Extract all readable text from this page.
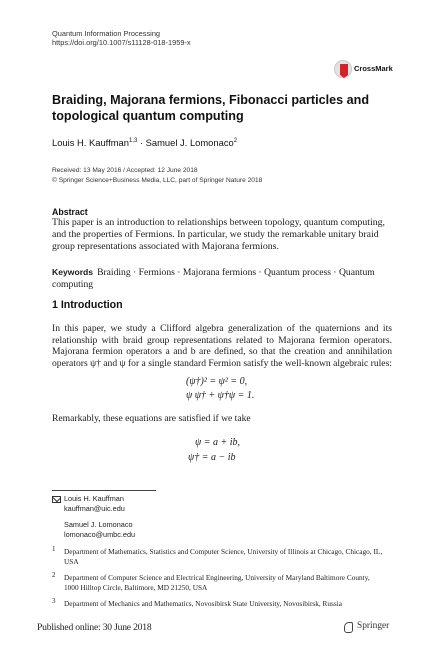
Quantum Information Processing
https://doi.org/10.1007/s11128-018-1959-x
CrossMark
Braiding, Majorana fermions, Fibonacci particles and topological quantum computing
Louis H. Kauffman$^{1,3}$ · Samuel J. Lomonaco$^2$
Received: 13 May 2016 / Accepted: 12 June 2018
© Springer Science+Business Media, LLC, part of Springer Nature 2018
Abstract
This paper is an introduction to relationships between topology, quantum computing, and the properties of Fermions. In particular, we study the remarkable unitary braid group representations associated with Majorana fermions.
Keywords Braiding · Fermions · Majorana fermions · Quantum process · Quantum computing
1 Introduction
In this paper, we study a Clifford algebra generalization of the quaternions and its relationship with braid group representations related to Majorana fermion operators. Majorana fermion operators a and b are defined, so that the creation and annihilation operators ψ† and ψ for a single standard Fermion satisfy the well-known algebraic rules:
(ψ†)² = ψ² = 0,
ψ ψ† + ψ†ψ = 1.
Remarkably, these equations are satisfied if we take
ψ = a + ib,
ψ† = a − ib
Louis H. Kauffman
kauffman@uic.edu
Samuel J. Lomonaco
lomonaco@umbc.edu
1 Department of Mathematics, Statistics and Computer Science, University of Illinois at Chicago, Chicago, IL, USA
2 Department of Computer Science and Electrical Engineering, University of Maryland Baltimore County, 1000 Hilltop Circle, Baltimore, MD 21250, USA
3 Department of Mechanics and Mathematics, Novosibirsk State University, Novosibirsk, Russia
Published online: 30 June 2018	Springer
